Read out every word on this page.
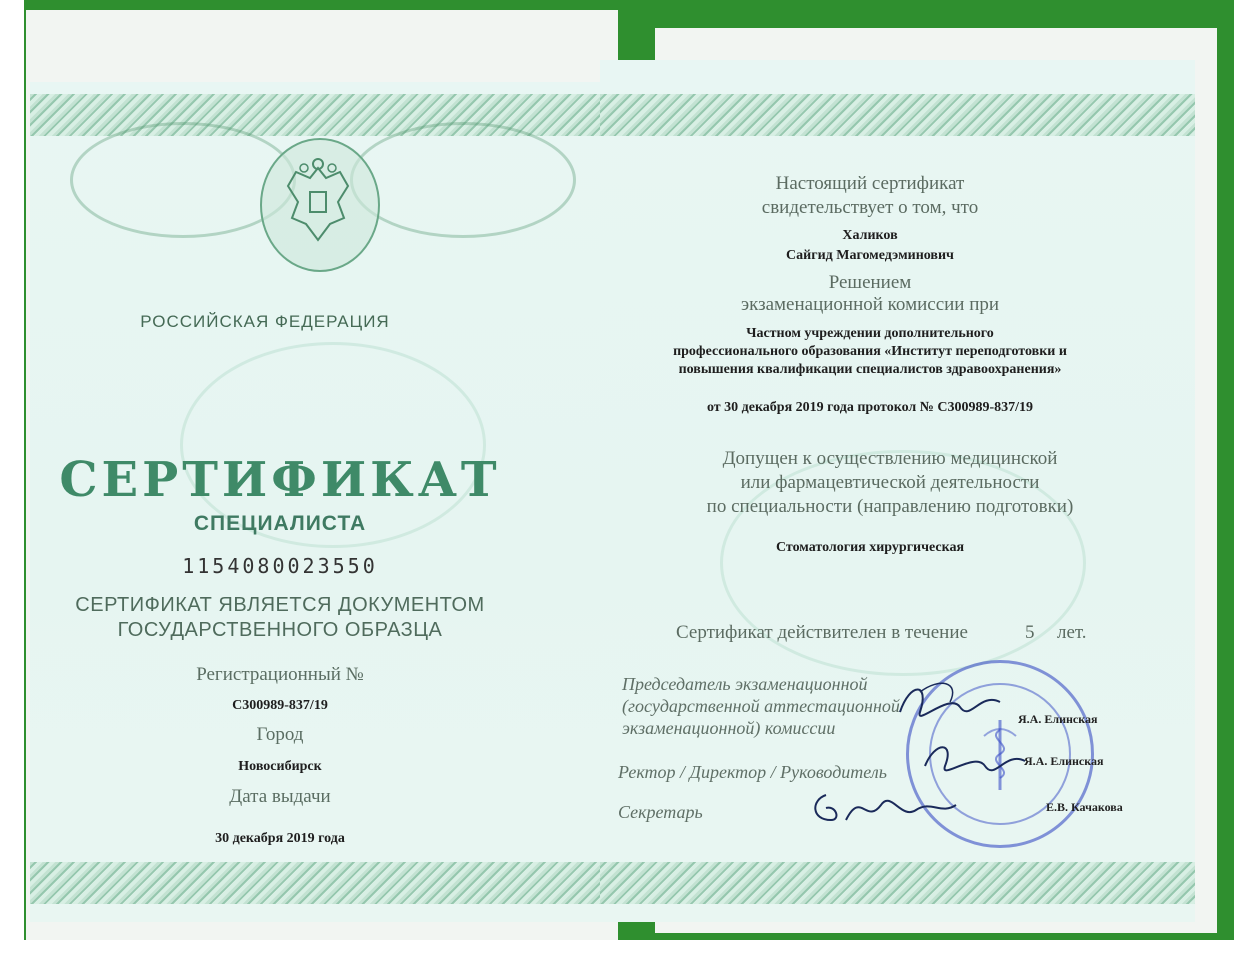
РОССИЙСКАЯ ФЕДЕРАЦИЯ
СЕРТИФИКАТ
СПЕЦИАЛИСТА
1154080023550
СЕРТИФИКАТ ЯВЛЯЕТСЯ ДОКУМЕНТОМ
ГОСУДАРСТВЕННОГО ОБРАЗЦА
Регистрационный №
С300989-837/19
Город
Новосибирск
Дата выдачи
30 декабря 2019 года
Настоящий сертификат
свидетельствует о том, что
Халиков
Сайгид Магомедэминович
Решением
экзаменационной комиссии при
Частном учреждении дополнительного
профессионального образования «Институт переподготовки и
повышения квалификации специалистов здравоохранения»
от 30 декабря 2019 года протокол № С300989-837/19
Допущен к осуществлению медицинской
или фармацевтической деятельности
по специальности (направлению подготовки)
Стоматология хирургическая
Сертификат действителен в течение	5 лет.
Председатель экзаменационной
(государственной аттестационной/
экзаменационной) комиссии
Ректор / Директор / Руководитель
Секретарь
Я.А. Елинская
Я.А. Елинская
Е.В. Качакова
